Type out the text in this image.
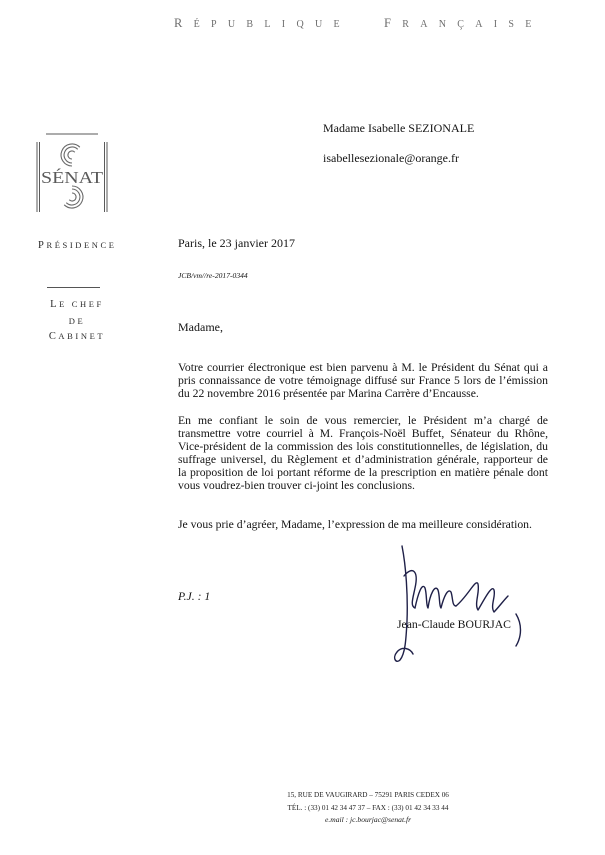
RÉPUBLIQUE	FRANÇAISE
Madame Isabelle SEZIONALE
isabellesezionale@orange.fr
SÉNAT
PRÉSIDENCE
LE CHEF
DE
CABINET
Paris, le 23 janvier 2017
JCB/vm//re-2017-0344
Madame,
Votre courrier électronique est bien parvenu à M. le Président du Sénat qui a
pris connaissance de votre témoignage diffusé sur France 5 lors de l’émission
du 22 novembre 2016 présentée par Marina Carrère d’Encausse.
En me confiant le soin de vous remercier, le Président m’a chargé de
transmettre votre courriel à M. François-Noël Buffet, Sénateur du Rhône,
Vice-président de la commission des lois constitutionnelles, de législation, du
suffrage universel, du Règlement et d’administration générale, rapporteur de
la proposition de loi portant réforme de la prescription en matière pénale dont
vous voudrez-bien trouver ci-joint les conclusions.
Je vous prie d’agréer, Madame, l’expression de ma meilleure considération.
P.J. : 1
Jean-Claude BOURJAC
15, RUE DE VAUGIRARD – 75291 PARIS CEDEX 06
TÉL. : (33) 01 42 34 47 37 – FAX : (33) 01 42 34 33 44
e.mail : jc.bourjac@senat.fr
